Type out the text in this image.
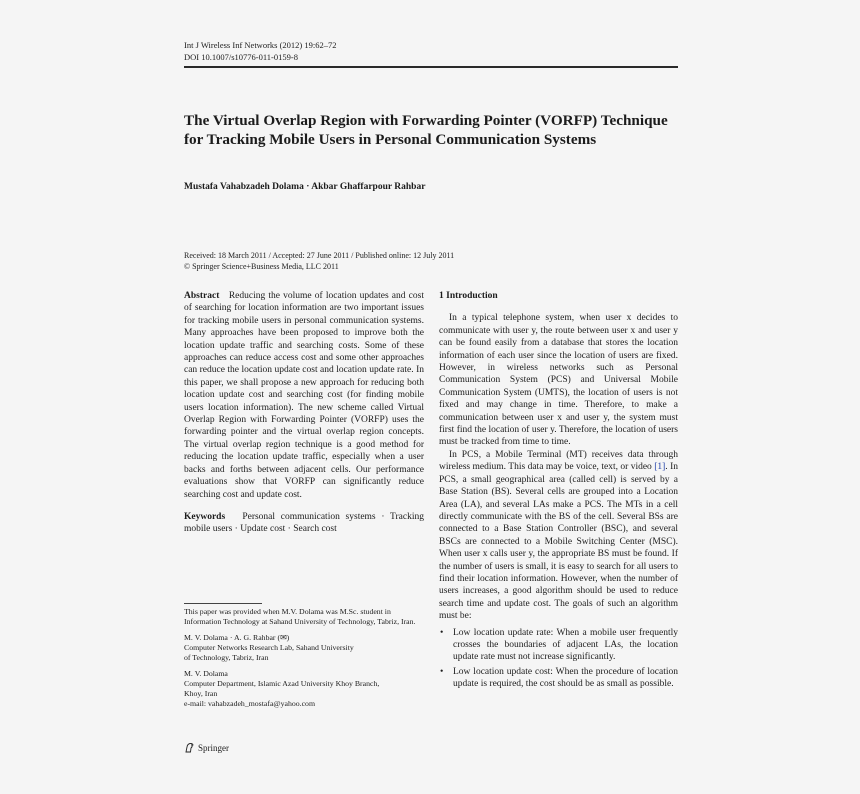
Int J Wireless Inf Networks (2012) 19:62–72
DOI 10.1007/s10776-011-0159-8
The Virtual Overlap Region with Forwarding Pointer (VORFP) Technique for Tracking Mobile Users in Personal Communication Systems
Mustafa Vahabzadeh Dolama · Akbar Ghaffarpour Rahbar
Received: 18 March 2011 / Accepted: 27 June 2011 / Published online: 12 July 2011
© Springer Science+Business Media, LLC 2011

Abstract Reducing the volume of location updates and cost of searching for location information are two important issues for tracking mobile users in personal communication systems. Many approaches have been proposed to improve both the location update traffic and searching costs. Some of these approaches can reduce access cost and some other approaches can reduce the location update cost and location update rate. In this paper, we shall propose a new approach for reducing both location update cost and searching cost (for finding mobile users location information). The new scheme called Virtual Overlap Region with Forwarding Pointer (VORFP) uses the forwarding pointer and the virtual overlap region concepts. The virtual overlap region technique is a good method for reducing the location update traffic, especially when a user backs and forths between adjacent cells. Our performance evaluations show that VORFP can significantly reduce searching cost and update cost.

Keywords Personal communication systems · Tracking mobile users · Update cost · Search cost

This paper was provided when M.V. Dolama was M.Sc. student in Information Technology at Sahand University of Technology, Tabriz, Iran.
M. V. Dolama · A. G. Rahbar (✉)
Computer Networks Research Lab, Sahand University
of Technology, Tabriz, Iran
M. V. Dolama
Computer Department, Islamic Azad University Khoy Branch,
Khoy, Iran
e-mail: vahabzadeh_mostafa@yahoo.com
1 Introduction

In a typical telephone system, when user x decides to communicate with user y, the route between user x and user y can be found easily from a database that stores the location information of each user since the location of users are fixed. However, in wireless networks such as Personal Communication System (PCS) and Universal Mobile Communication System (UMTS), the location of users is not fixed and may change in time. Therefore, to make a communication between user x and user y, the system must first find the location of user y. Therefore, the location of users must be tracked from time to time.

In PCS, a Mobile Terminal (MT) receives data through wireless medium. This data may be voice, text, or video [1]. In PCS, a small geographical area (called cell) is served by a Base Station (BS). Several cells are grouped into a Location Area (LA), and several LAs make a PCS. The MTs in a cell directly communicate with the BS of the cell. Several BSs are connected to a Base Station Controller (BSC), and several BSCs are connected to a Mobile Switching Center (MSC). When user x calls user y, the appropriate BS must be found. If the number of users is small, it is easy to search for all users to find their location information. However, when the number of users increases, a good algorithm should be used to reduce search time and update cost. The goals of such an algorithm must be:

• Low location update rate: When a mobile user frequently crosses the boundaries of adjacent LAs, the location update rate must not increase significantly.
• Low location update cost: When the procedure of location update is required, the cost should be as small as possible.
Springer
